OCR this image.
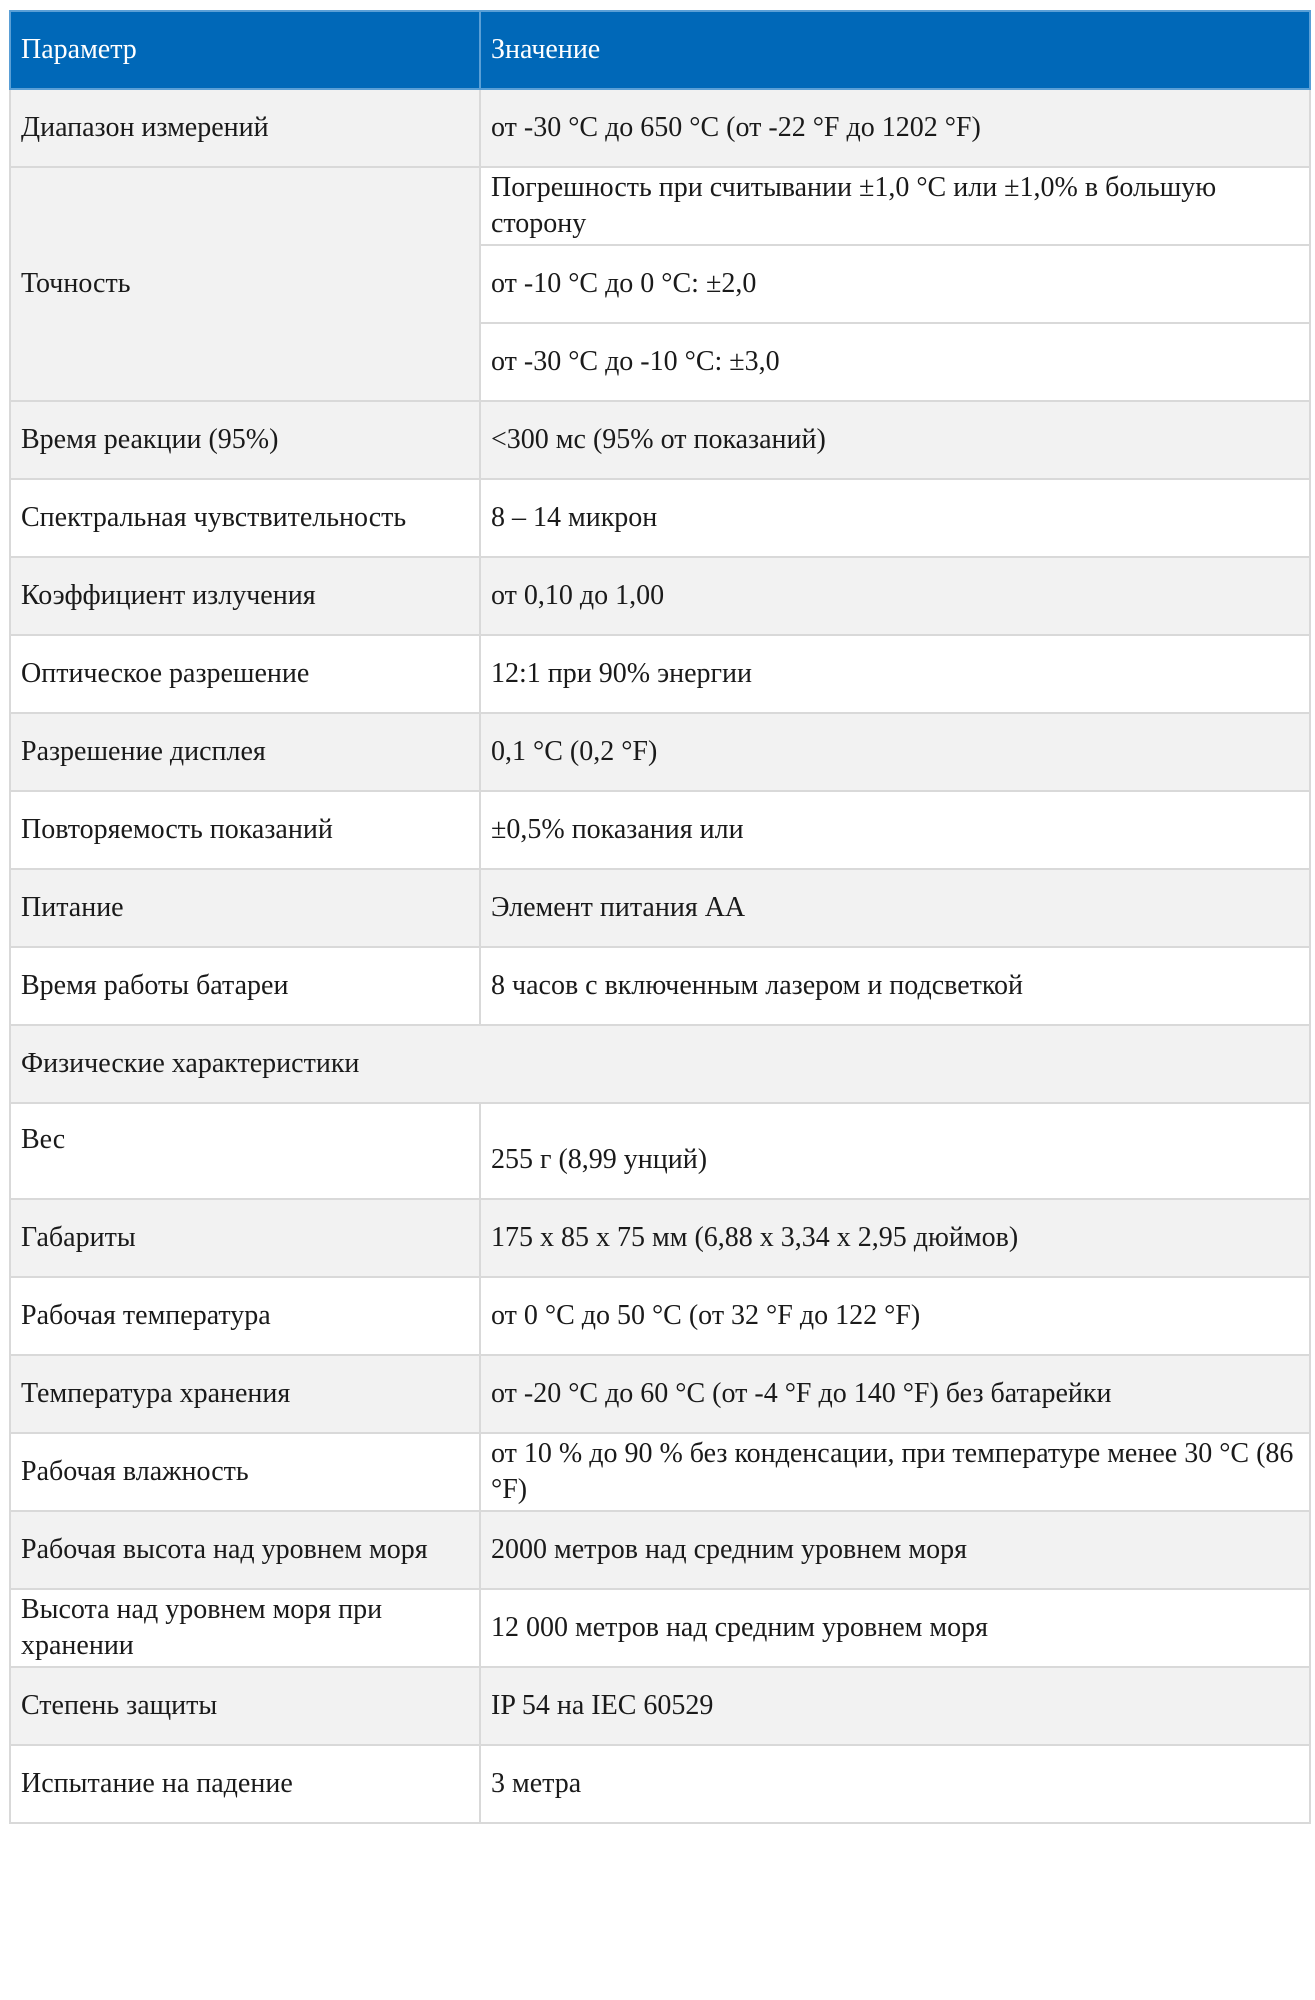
Параметр	Значение
Диапазон измерений	от -30 °C до 650 °C (от -22 °F до 1202 °F)
Точность	Погрешность при считывании ±1,0 °C или ±1,0% в большую сторону
	от -10 °C до 0 °C: ±2,0
	от -30 °C до -10 °C: ±3,0
Время реакции (95%)	<300 мс (95% от показаний)
Спектральная чувствительность	8 – 14 микрон
Коэффициент излучения	от 0,10 до 1,00
Оптическое разрешение	12:1 при 90% энергии
Разрешение дисплея	0,1 °C (0,2 °F)
Повторяемость показаний	±0,5% показания или
Питание	Элемент питания AA
Время работы батареи	8 часов с включенным лазером и подсветкой
Физические характеристики	
Вес	255 г (8,99 унций)
Габариты	175 x 85 x 75 мм (6,88 x 3,34 x 2,95 дюймов)
Рабочая температура	от 0 °C до 50 °C (от 32 °F до 122 °F)
Температура хранения	от -20 °C до 60 °C (от -4 °F до 140 °F) без батарейки
Рабочая влажность	от 10 % до 90 % без конденсации, при температуре менее 30 °C (86 °F)
Рабочая высота над уровнем моря	2000 метров над средним уровнем моря
Высота над уровнем моря при хранении	12 000 метров над средним уровнем моря
Степень защиты	IP 54 на IEC 60529
Испытание на падение	3 метра
